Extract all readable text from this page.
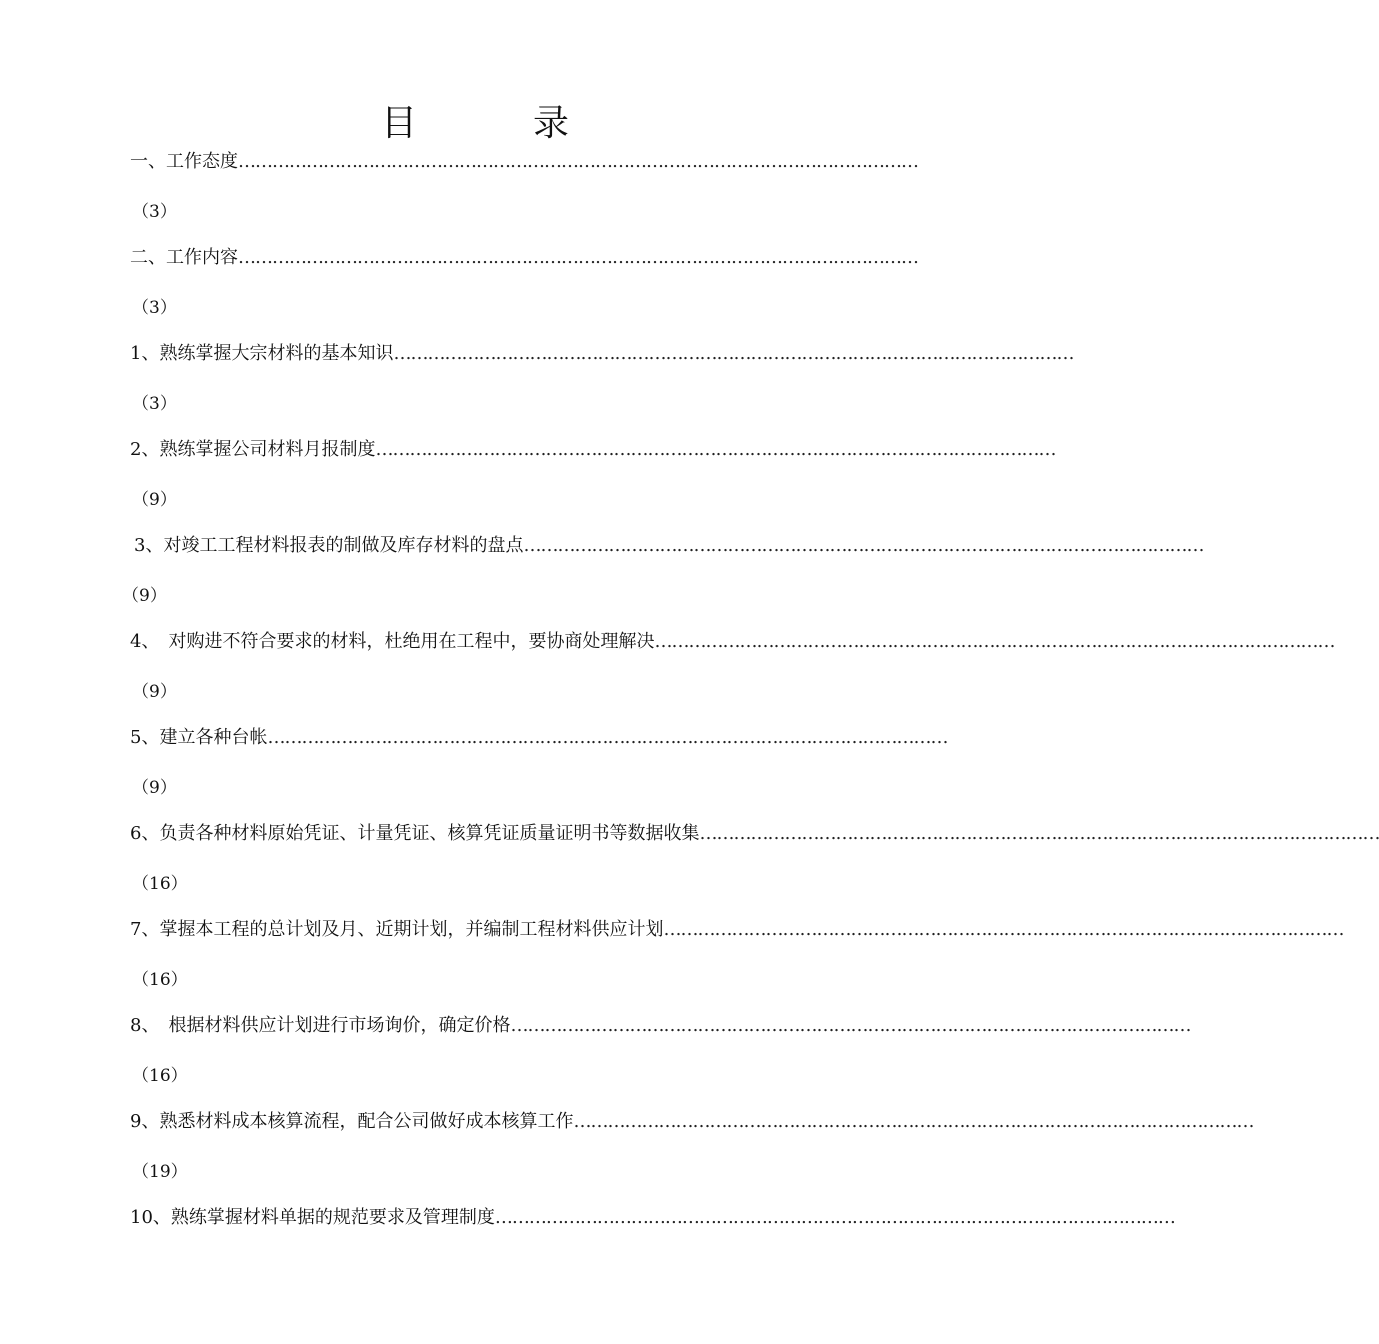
目　录
一、工作态度 …………………………………………………………………………………………………………
（3）
二、工作内容 …………………………………………………………………………………………………………
（3）
1、熟练掌握大宗材料的基本知识 …………………………………………………………………………………………………………
（3）
2、熟练掌握公司材料月报制度 …………………………………………………………………………………………………………
（9）
3、对竣工工程材料报表的制做及库存材料的盘点 …………………………………………………………………………………………………………
（9）
4、　对购进不符合要求的材料，杜绝用在工程中，要协商处理解决 …………………………………………………………………………………………………………
（9）
5、建立各种台帐 …………………………………………………………………………………………………………
（9）
6、负责各种材料原始凭证、计量凭证、核算凭证质量证明书等数据收集 …………………………………………………………………………………………………………
（16）
7、掌握本工程的总计划及月、近期计划，并编制工程材料供应计划 …………………………………………………………………………………………………………
（16）
8、　根据材料供应计划进行市场询价，确定价格 …………………………………………………………………………………………………………
（16）
9、熟悉材料成本核算流程，配合公司做好成本核算工作 …………………………………………………………………………………………………………
（19）
10、熟练掌握材料单据的规范要求及管理制度 …………………………………………………………………………………………………………
